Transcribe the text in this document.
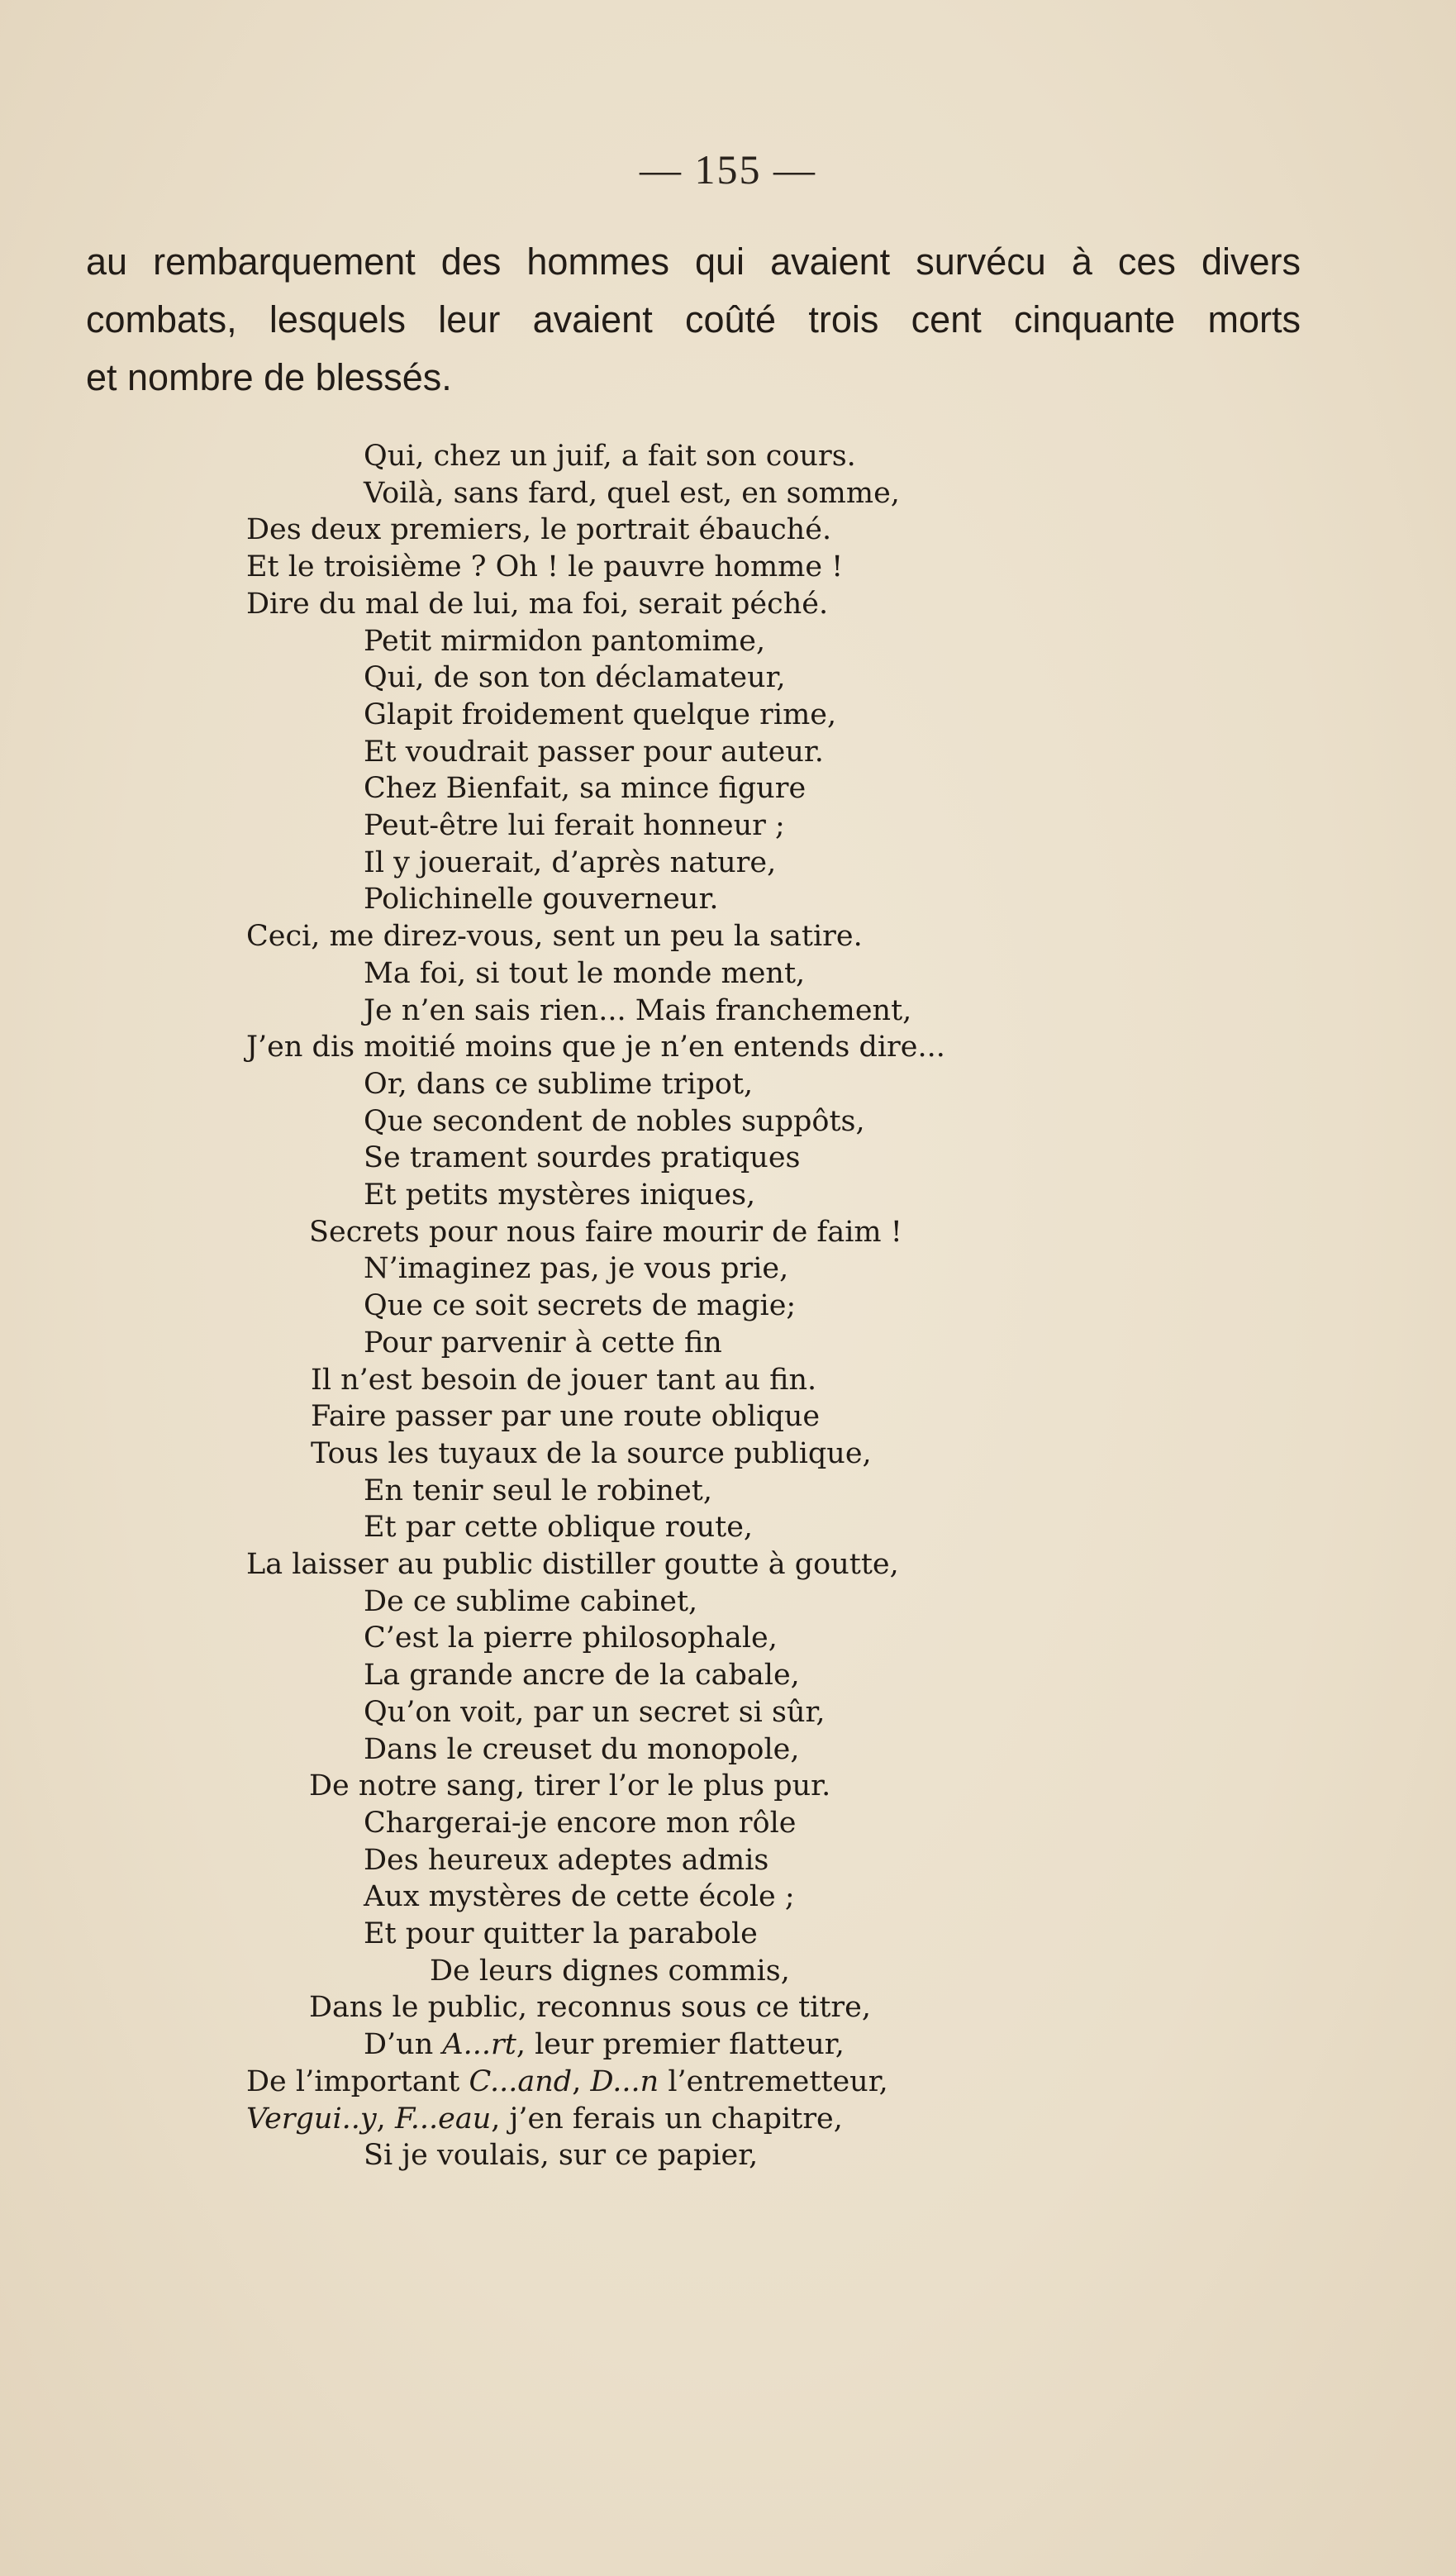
— 155 —
au rembarquement des hommes qui avaient survécu à ces divers
combats, lesquels leur avaient coûté trois cent cinquante morts
et nombre de blessés.
Qui, chez un juif, a fait son cours.
Voilà, sans fard, quel est, en somme,
Des deux premiers, le portrait ébauché.
Et le troisième ? Oh ! le pauvre homme !
Dire du mal de lui, ma foi, serait péché.
Petit mirmidon pantomime,
Qui, de son ton déclamateur,
Glapit froidement quelque rime,
Et voudrait passer pour auteur.
Chez Bienfait, sa mince figure
Peut-être lui ferait honneur ;
Il y jouerait, d’après nature,
Polichinelle gouverneur.
Ceci, me direz-vous, sent un peu la satire.
Ma foi, si tout le monde ment,
Je n’en sais rien... Mais franchement,
J’en dis moitié moins que je n’en entends dire...
Or, dans ce sublime tripot,
Que secondent de nobles suppôts,
Se trament sourdes pratiques
Et petits mystères iniques,
Secrets pour nous faire mourir de faim !
N’imaginez pas, je vous prie,
Que ce soit secrets de magie;
Pour parvenir à cette fin
Il n’est besoin de jouer tant au fin.
Faire passer par une route oblique
Tous les tuyaux de la source publique,
En tenir seul le robinet,
Et par cette oblique route,
La laisser au public distiller goutte à goutte,
De ce sublime cabinet,
C’est la pierre philosophale,
La grande ancre de la cabale,
Qu’on voit, par un secret si sûr,
Dans le creuset du monopole,
De notre sang, tirer l’or le plus pur.
Chargerai-je encore mon rôle
Des heureux adeptes admis
Aux mystères de cette école ;
Et pour quitter la parabole
De leurs dignes commis,
Dans le public, reconnus sous ce titre,
D’un A...rt, leur premier flatteur,
De l’important C...and, D...n l’entremetteur,
Vergui..y, F...eau, j’en ferais un chapitre,
Si je voulais, sur ce papier,
